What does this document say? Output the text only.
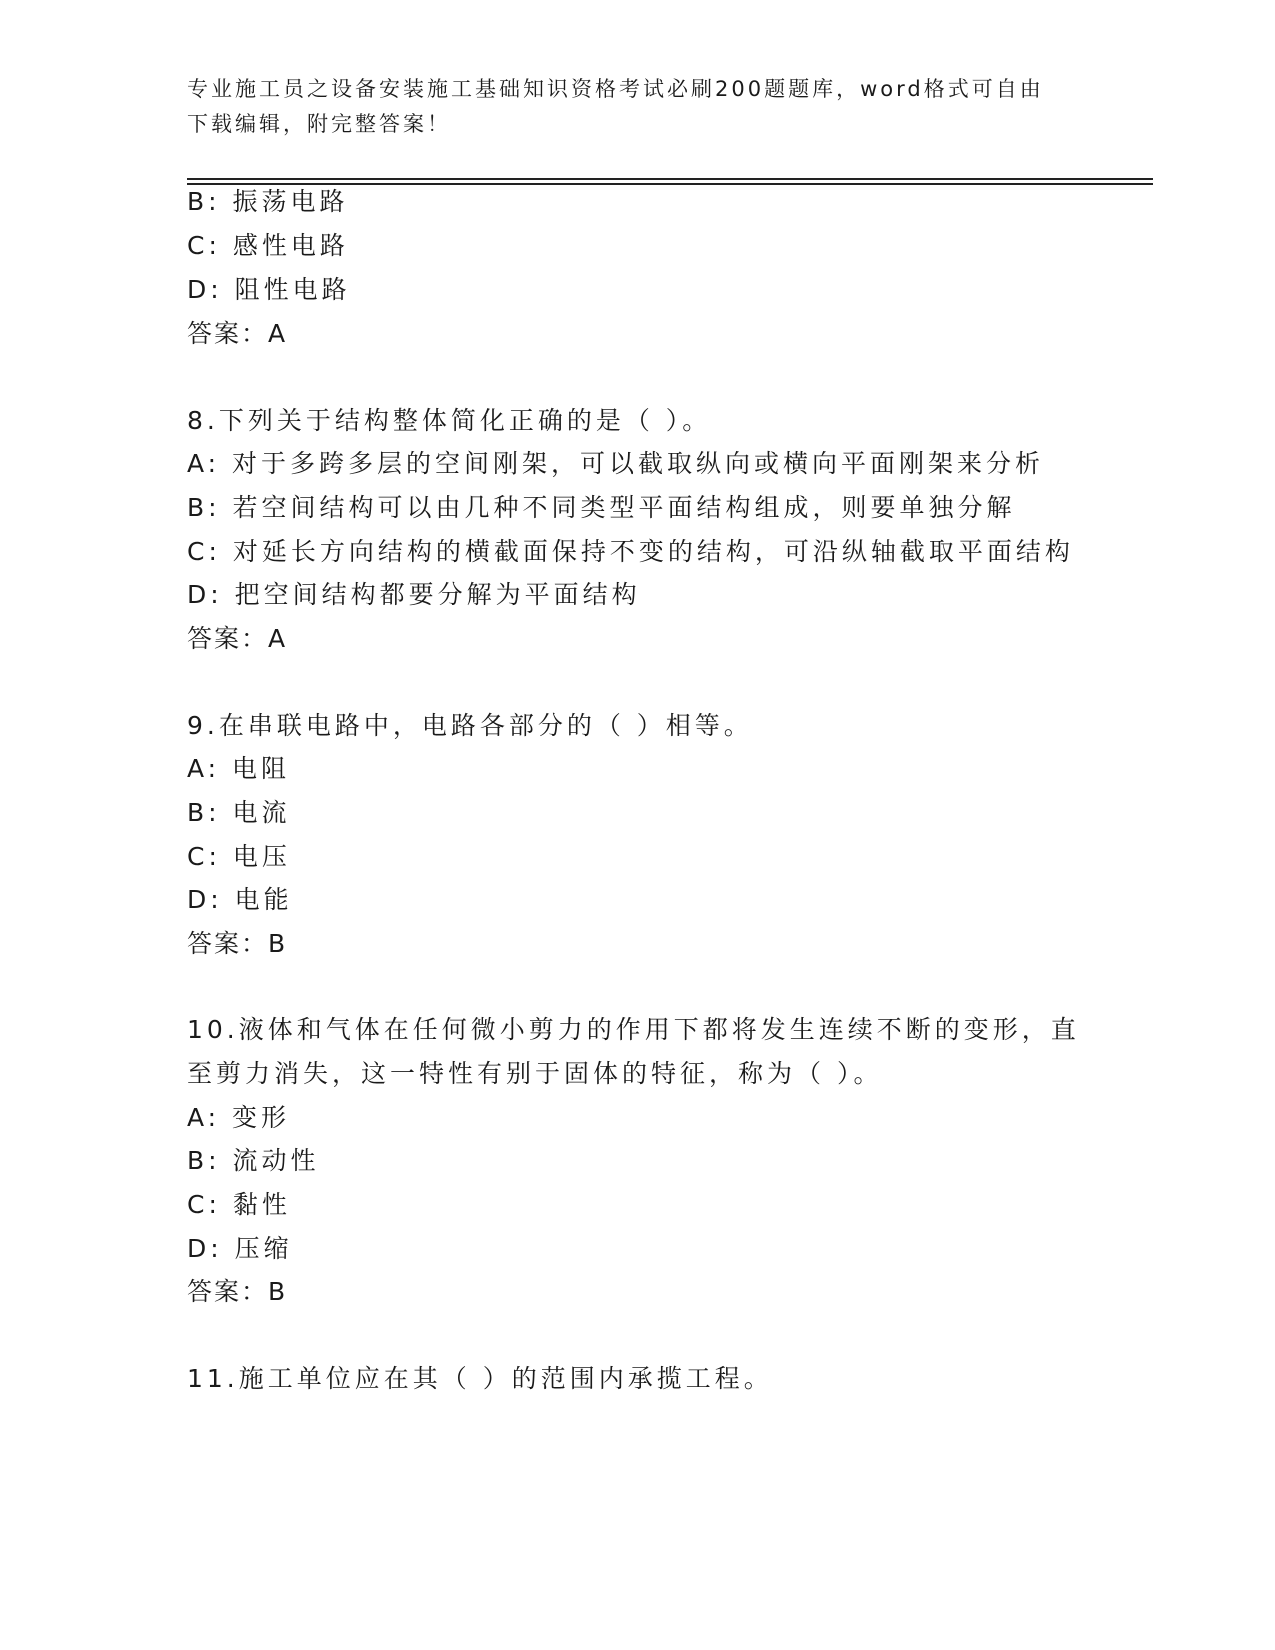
专业施工员之设备安装施工基础知识资格考试必刷200题题库，word格式可自由
下载编辑，附完整答案！
B: 振荡电路
C: 感性电路
D: 阻性电路
答案：A
8.下列关于结构整体简化正确的是（ ）。
A: 对于多跨多层的空间刚架，可以截取纵向或横向平面刚架来分析
B: 若空间结构可以由几种不同类型平面结构组成，则要单独分解
C: 对延长方向结构的横截面保持不变的结构，可沿纵轴截取平面结构
D: 把空间结构都要分解为平面结构
答案：A
9.在串联电路中，电路各部分的（ ）相等。
A: 电阻
B: 电流
C: 电压
D: 电能
答案：B
10.液体和气体在任何微小剪力的作用下都将发生连续不断的变形，直
至剪力消失，这一特性有别于固体的特征，称为（ ）。
A: 变形
B: 流动性
C: 黏性
D: 压缩
答案：B
11.施工单位应在其（ ）的范围内承揽工程。
